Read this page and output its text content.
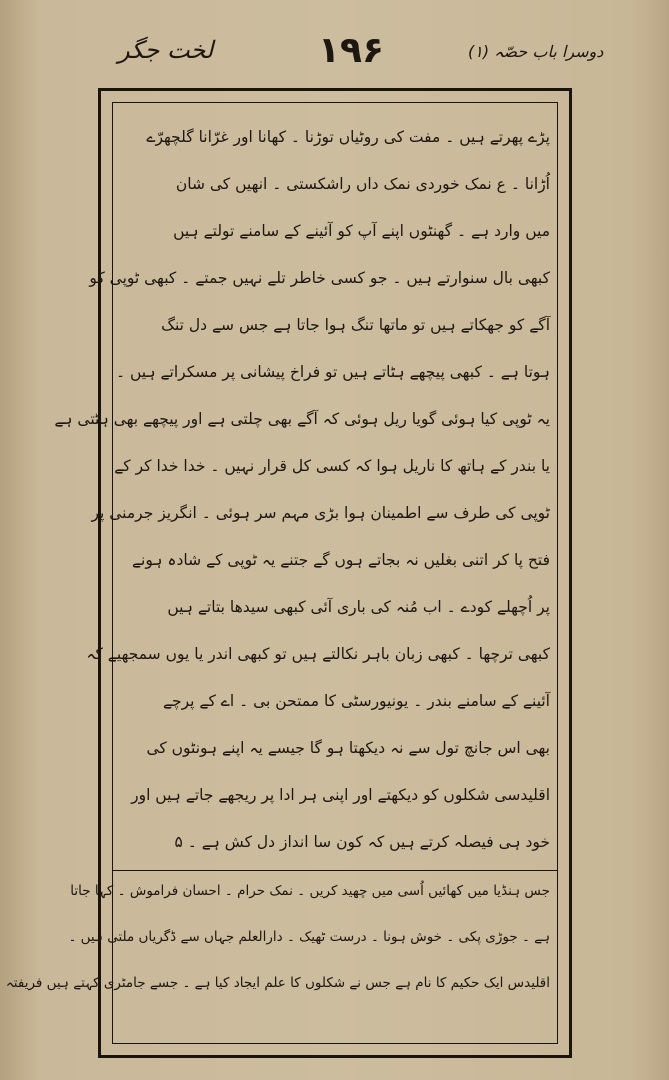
لخت جگر	۱۹۶	دوسرا باب حصّہ (۱)
پڑے پھرتے ہیں ۔ مفت کی روٹیاں توڑنا ۔ کھانا اور غرّانا گلچھرّے
اُڑانا ۔ ع نمک خوردی نمک داں راشکستی ۔ انھیں کی شان
میں وارد ہے ۔ گھنٹوں اپنے آپ کو آئینے کے سامنے تولتے ہیں
کبھی بال سنوارتے ہیں ۔ جو کسی خاطر تلے نہیں جمتے ۔ کبھی ٹوپی کو
آگے کو جھکاتے ہیں تو ماتھا تنگ ہوا جاتا ہے جس سے دل تنگ
ہوتا ہے ۔ کبھی پیچھے ہٹاتے ہیں تو فراخ پیشانی پر مسکراتے ہیں ۔
یہ ٹوپی کیا ہوئی گویا ریل ہوئی کہ آگے بھی چلتی ہے اور پیچھے بھی ہٹتی ہے
یا بندر کے ہاتھ کا ناریل ہوا کہ کسی کل قرار نہیں ۔ خدا خدا کر کے
ٹوپی کی طرف سے اطمینان ہوا بڑی مہم سر ہوئی ۔ انگریز جرمنی پر
فتح پا کر اتنی بغلیں نہ بجاتے ہوں گے جتنے یہ ٹوپی کے شادہ ہونے
پر اُچھلے کودے ۔ اب مُنہ کی باری آئی کبھی سیدھا بتاتے ہیں
کبھی ترچھا ۔ کبھی زبان باہر نکالتے ہیں تو کبھی اندر یا یوں سمجھیے کہ
آئینے کے سامنے بندر ۔ یونیورسٹی کا ممتحن بی ۔ اے کے پرچے
بھی اس جانچ تول سے نہ دیکھتا ہو گا جیسے یہ اپنے ہونٹوں کی
اقلیدسی شکلوں کو دیکھتے اور اپنی ہر ادا پر ریجھے جاتے ہیں اور
خود ہی فیصلہ کرتے ہیں کہ کون سا انداز دل کش ہے ۔ ۵
جس ہنڈیا میں کھائیں اُسی میں چھید کریں ۔ نمک حرام ۔ احسان فراموش ۔ کہا جاتا
ہے ۔ جوڑی پکی ۔ خوش ہونا ۔ درست ٹھیک ۔ دارالعلم جہاں سے ڈگریاں ملتی ہیں ۔
اقلیدس ایک حکیم کا نام ہے جس نے شکلوں کا علم ایجاد کیا ہے ۔ جسے جامٹری کہتے ہیں فریفتہ
